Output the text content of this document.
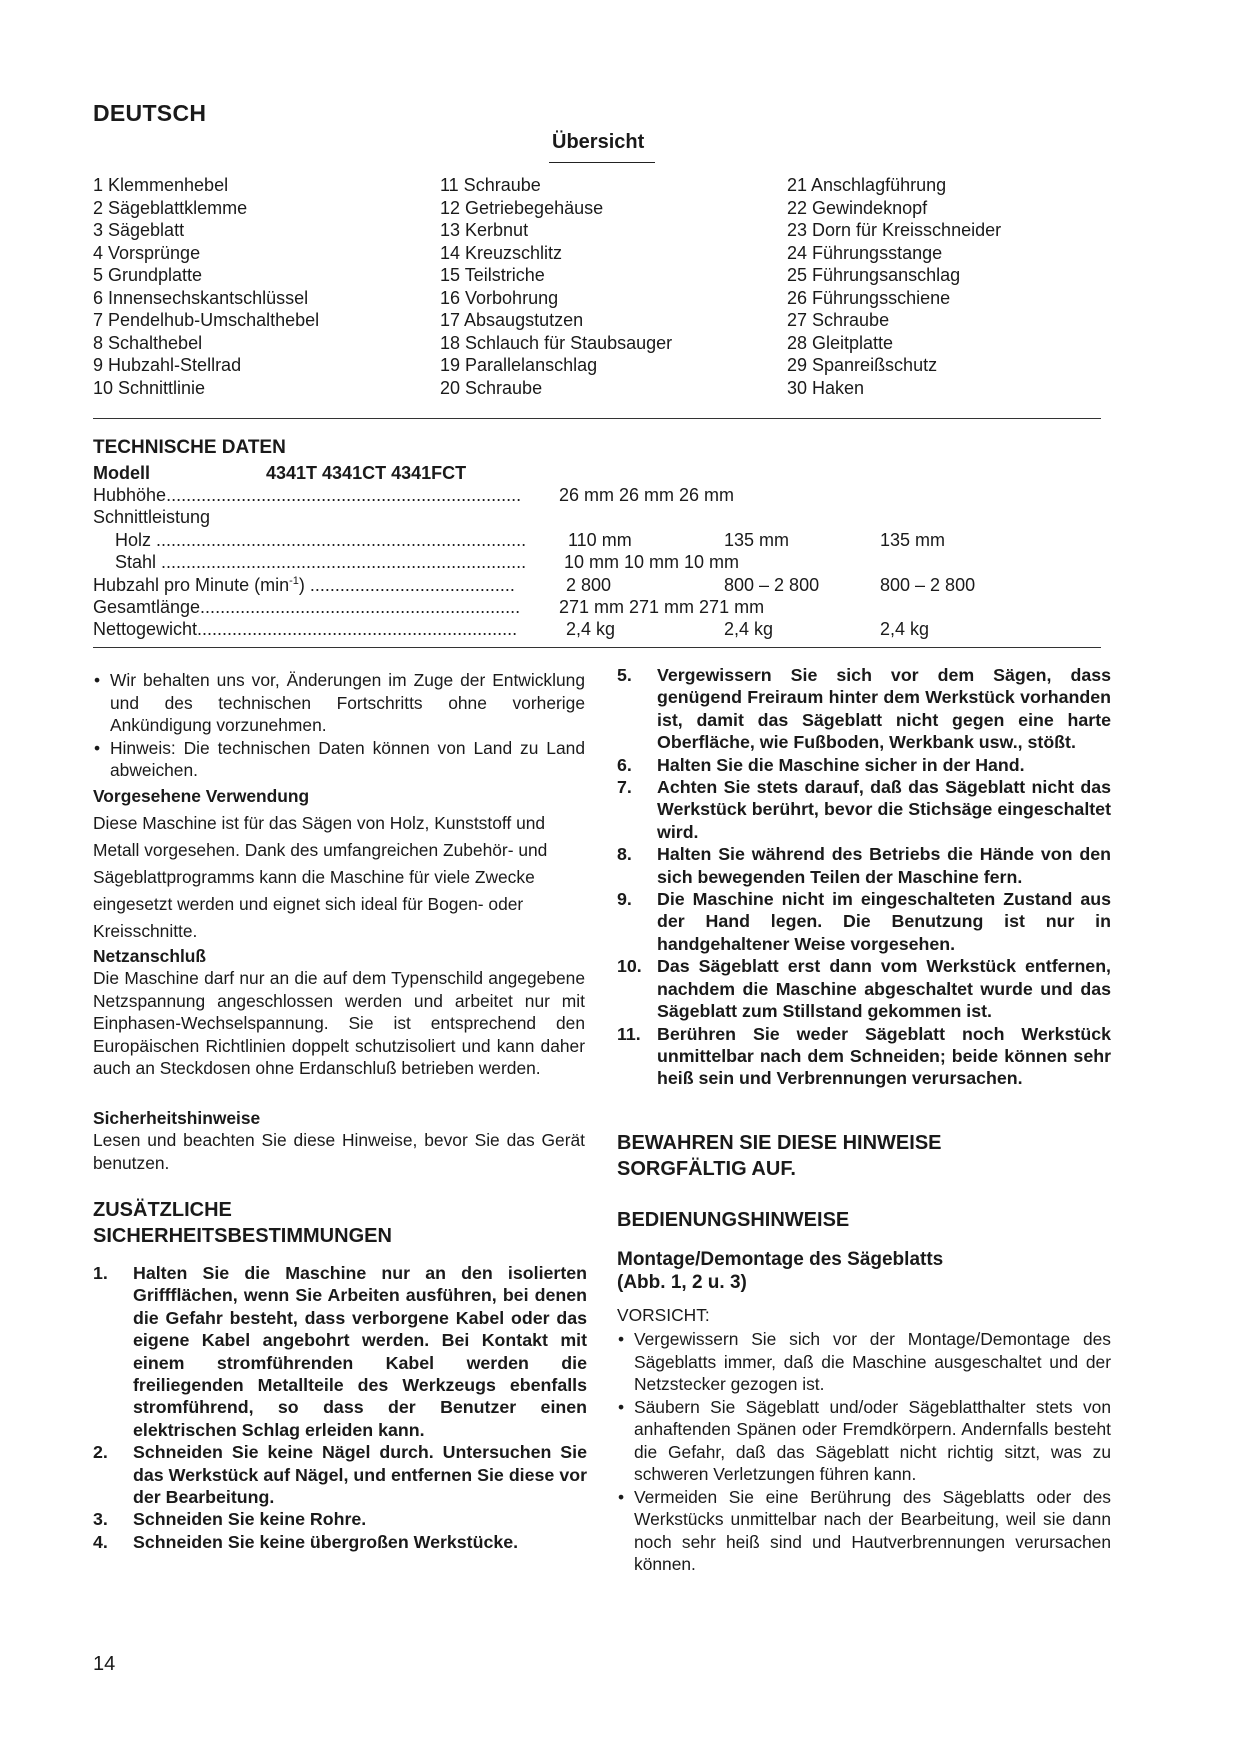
DEUTSCH
Übersicht
1 Klemmenhebel
2 Sägeblattklemme
3 Sägeblatt
4 Vorsprünge
5 Grundplatte
6 Innensechskantschlüssel
7 Pendelhub-Umschalthebel
8 Schalthebel
9 Hubzahl-Stellrad
10 Schnittlinie
11 Schraube
12 Getriebegehäuse
13 Kerbnut
14 Kreuzschlitz
15 Teilstriche
16 Vorbohrung
17 Absaugstutzen
18 Schlauch für Staubsauger
19 Parallelanschlag
20 Schraube
21 Anschlagführung
22 Gewindeknopf
23 Dorn für Kreisschneider
24 Führungsstange
25 Führungsanschlag
26 Führungsschiene
27 Schraube
28 Gleitplatte
29 Spanreißschutz
30 Haken
TECHNISCHE DATEN
Modell	4341T 4341CT 4341FCT
Hubhöhe.......................................................................	26 mm 26 mm 26 mm
Schnittleistung
Holz ..........................................................................	110 mm	135 mm	135 mm
Stahl .........................................................................	10 mm 10 mm 10 mm
Hubzahl pro Minute $(\min^{-1})$ .........................................	2 800	800 – 2 800	800 – 2 800
Gesamtlänge................................................................	271 mm 271 mm 271 mm
Nettogewicht................................................................	2,4 kg	2,4 kg	2,4 kg
• Wir behalten uns vor, Änderungen im Zuge der Entwicklung und des technischen Fortschritts ohne vorherige Ankündigung vorzunehmen.
• Hinweis: Die technischen Daten können von Land zu Land abweichen.
Vorgesehene Verwendung
Diese Maschine ist für das Sägen von Holz, Kunststoff und Metall vorgesehen. Dank des umfangreichen Zubehör- und Sägeblattprogramms kann die Maschine für viele Zwecke eingesetzt werden und eignet sich ideal für Bogen- oder Kreisschnitte.
Netzanschluß
Die Maschine darf nur an die auf dem Typenschild angegebene Netzspannung angeschlossen werden und arbeitet nur mit Einphasen-Wechselspannung. Sie ist entsprechend den Europäischen Richtlinien doppelt schutzisoliert und kann daher auch an Steckdosen ohne Erdanschluß betrieben werden.
Sicherheitshinweise
Lesen und beachten Sie diese Hinweise, bevor Sie das Gerät benutzen.
ZUSÄTZLICHE
SICHERHEITSBESTIMMUNGEN
1. Halten Sie die Maschine nur an den isolierten Griffflächen, wenn Sie Arbeiten ausführen, bei denen die Gefahr besteht, dass verborgene Kabel oder das eigene Kabel angebohrt werden. Bei Kontakt mit einem stromführenden Kabel werden die freiliegenden Metallteile des Werkzeugs ebenfalls stromführend, so dass der Benutzer einen elektrischen Schlag erleiden kann.
2. Schneiden Sie keine Nägel durch. Untersuchen Sie das Werkstück auf Nägel, und entfernen Sie diese vor der Bearbeitung.
3. Schneiden Sie keine Rohre.
4. Schneiden Sie keine übergroßen Werkstücke.
5. Vergewissern Sie sich vor dem Sägen, dass genügend Freiraum hinter dem Werkstück vorhanden ist, damit das Sägeblatt nicht gegen eine harte Oberfläche, wie Fußboden, Werkbank usw., stößt.
6. Halten Sie die Maschine sicher in der Hand.
7. Achten Sie stets darauf, daß das Sägeblatt nicht das Werkstück berührt, bevor die Stichsäge eingeschaltet wird.
8. Halten Sie während des Betriebs die Hände von den sich bewegenden Teilen der Maschine fern.
9. Die Maschine nicht im eingeschalteten Zustand aus der Hand legen. Die Benutzung ist nur in handgehaltener Weise vorgesehen.
10. Das Sägeblatt erst dann vom Werkstück entfernen, nachdem die Maschine abgeschaltet wurde und das Sägeblatt zum Stillstand gekommen ist.
11. Berühren Sie weder Sägeblatt noch Werkstück unmittelbar nach dem Schneiden; beide können sehr heiß sein und Verbrennungen verursachen.
BEWAHREN SIE DIESE HINWEISE
SORGFÄLTIG AUF.
BEDIENUNGSHINWEISE
Montage/Demontage des Sägeblatts
(Abb. 1, 2 u. 3)
VORSICHT:
• Vergewissern Sie sich vor der Montage/Demontage des Sägeblatts immer, daß die Maschine ausgeschaltet und der Netzstecker gezogen ist.
• Säubern Sie Sägeblatt und/oder Sägeblatthalter stets von anhaftenden Spänen oder Fremdkörpern. Andernfalls besteht die Gefahr, daß das Sägeblatt nicht richtig sitzt, was zu schweren Verletzungen führen kann.
• Vermeiden Sie eine Berührung des Sägeblatts oder des Werkstücks unmittelbar nach der Bearbeitung, weil sie dann noch sehr heiß sind und Hautverbrennungen verursachen können.
14
